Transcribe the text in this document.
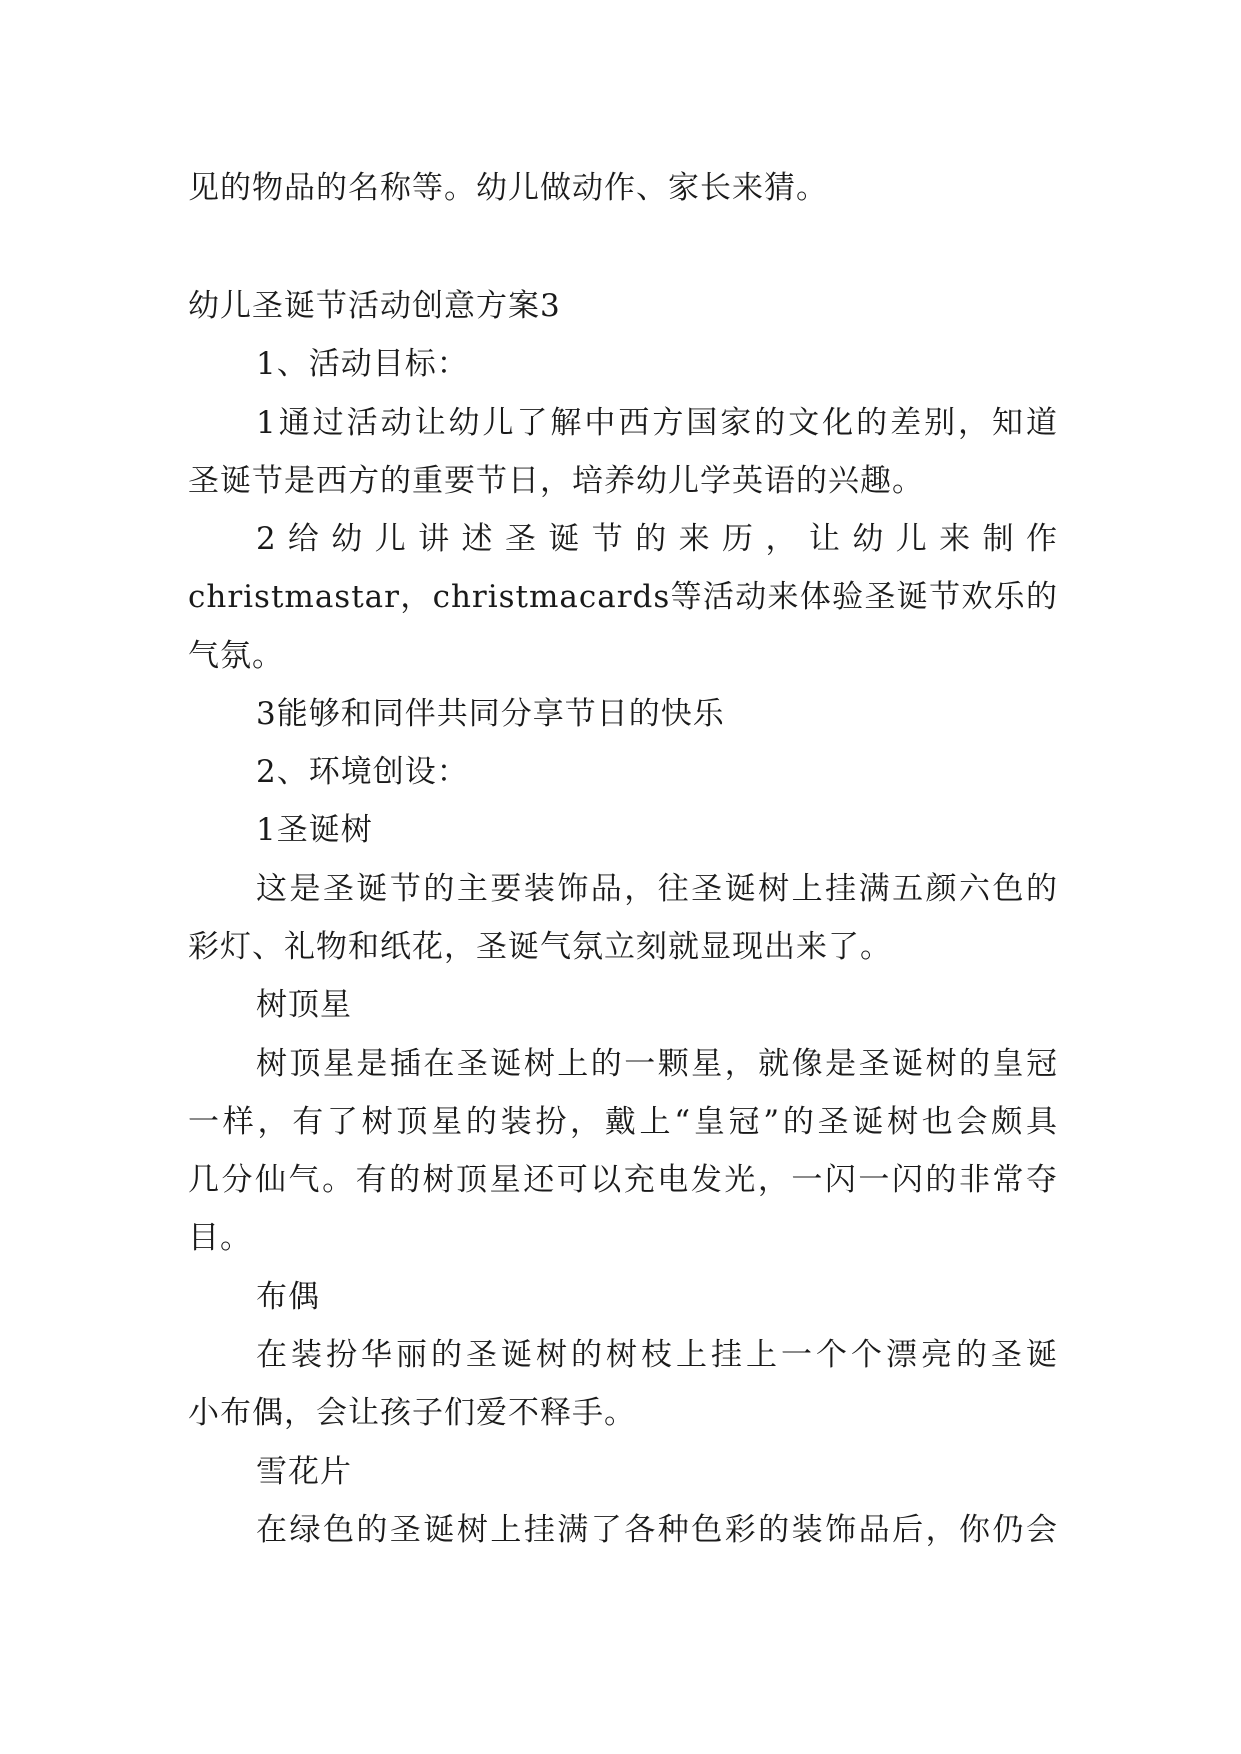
见的物品的名称等。幼儿做动作、家长来猜。
幼儿圣诞节活动创意方案3
1、活动目标：
1通过活动让幼儿了解中西方国家的文化的差别，知道
圣诞节是西方的重要节日，培养幼儿学英语的兴趣。
2 给 幼 儿 讲 述 圣 诞 节 的 来 历 ， 让 幼 儿 来 制 作
christmastar，christmacards等活动来体验圣诞节欢乐的
气氛。
3能够和同伴共同分享节日的快乐
2、环境创设：
1圣诞树
这是圣诞节的主要装饰品，往圣诞树上挂满五颜六色的
彩灯、礼物和纸花，圣诞气氛立刻就显现出来了。
树顶星
树顶星是插在圣诞树上的一颗星，就像是圣诞树的皇冠
一样，有了树顶星的装扮，戴上“皇冠”的圣诞树也会颇具
几分仙气。有的树顶星还可以充电发光，一闪一闪的非常夺
目。
布偶
在装扮华丽的圣诞树的树枝上挂上一个个漂亮的圣诞
小布偶，会让孩子们爱不释手。
雪花片
在绿色的圣诞树上挂满了各种色彩的装饰品后，你仍会
